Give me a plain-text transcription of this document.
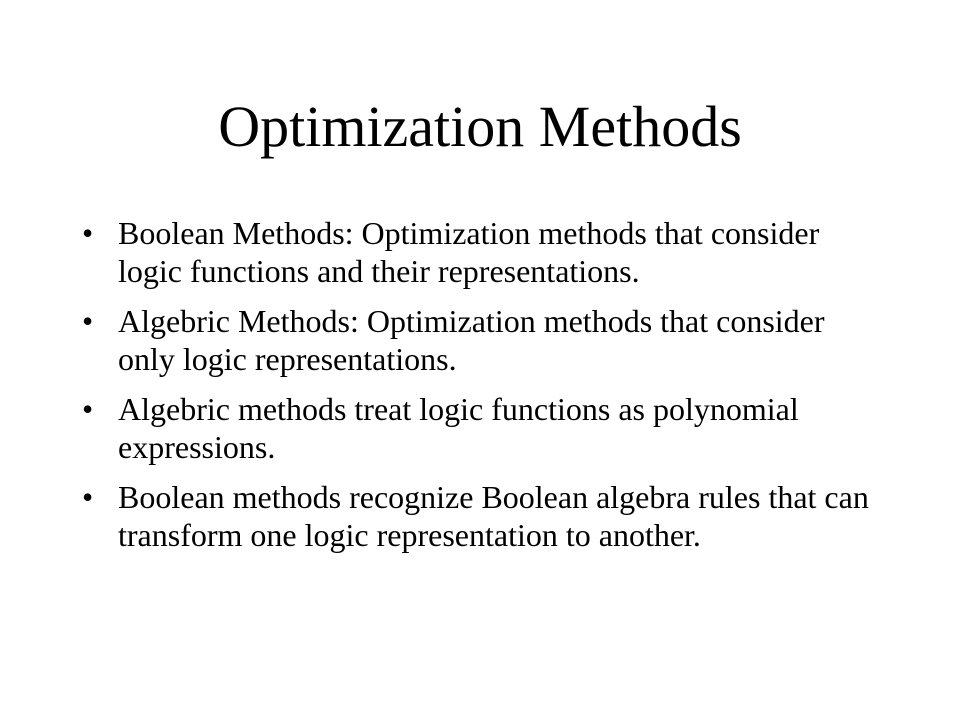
Optimization Methods
• Boolean Methods: Optimization methods that consider logic functions and their representations.
• Algebric Methods: Optimization methods that consider only logic representations.
• Algebric methods treat logic functions as polynomial expressions.
• Boolean methods recognize Boolean algebra rules that can transform one logic representation to another.
